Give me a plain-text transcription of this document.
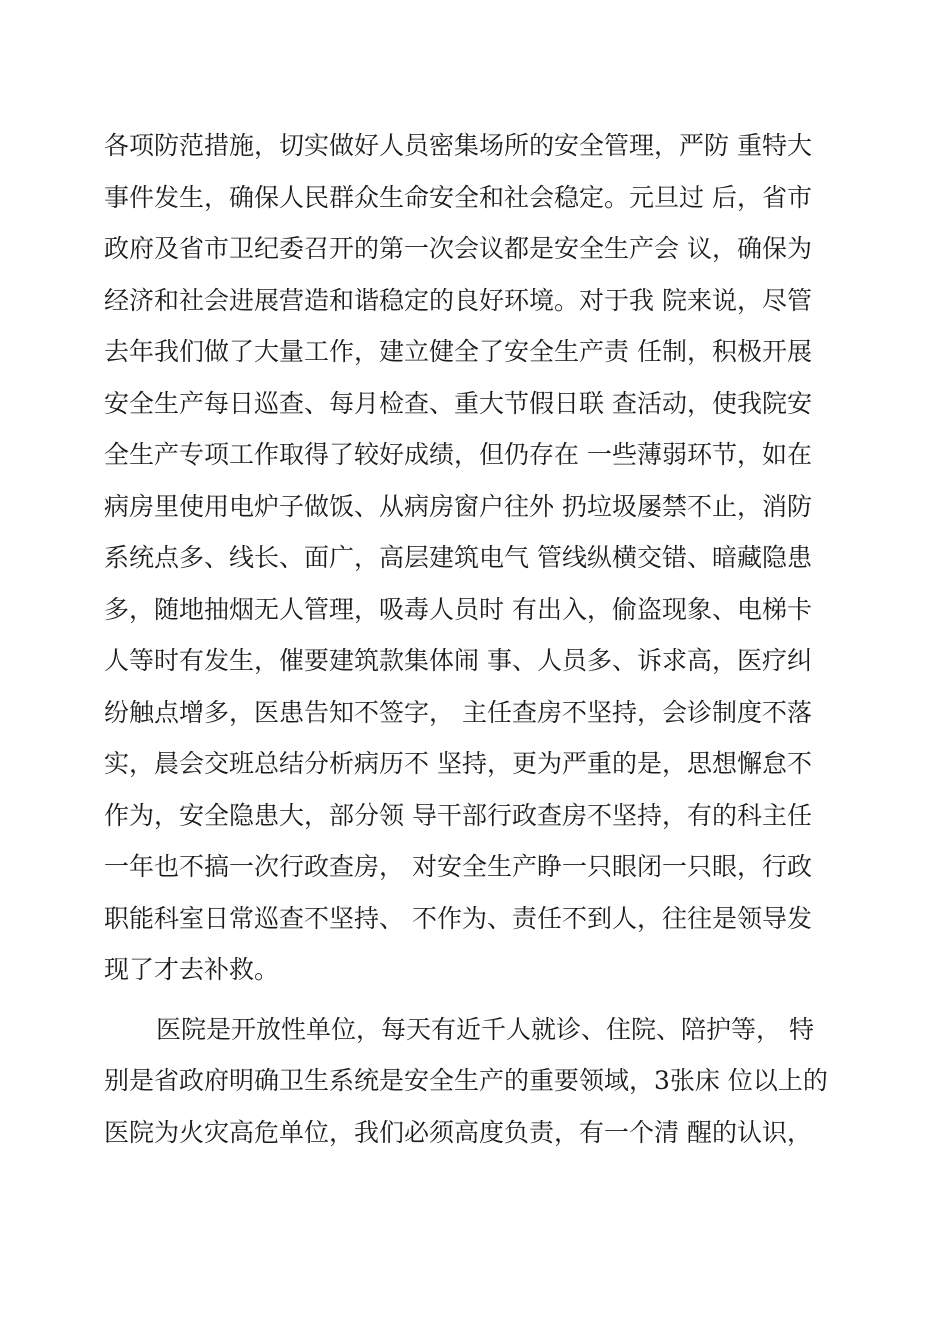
各项防范措施，切实做好人员密集场所的安全管理，严防 重特大
事件发生，确保人民群众生命安全和社会稳定。元旦过 后，省市
政府及省市卫纪委召开的第一次会议都是安全生产会 议，确保为
经济和社会进展营造和谐稳定的良好环境。对于我 院来说，尽管
去年我们做了大量工作，建立健全了安全生产责 任制，积极开展
安全生产每日巡查、每月检查、重大节假日联 查活动，使我院安
全生产专项工作取得了较好成绩，但仍存在 一些薄弱环节，如在
病房里使用电炉子做饭、从病房窗户往外 扔垃圾屡禁不止，消防
系统点多、线长、面广，高层建筑电气 管线纵横交错、暗藏隐患
多，随地抽烟无人管理，吸毒人员时 有出入，偷盗现象、电梯卡
人等时有发生，催要建筑款集体闹 事、人员多、诉求高，医疗纠
纷触点增多，医患告知不签字， 主任查房不坚持，会诊制度不落
实，晨会交班总结分析病历不 坚持，更为严重的是，思想懈怠不
作为，安全隐患大，部分领 导干部行政查房不坚持，有的科主任
一年也不搞一次行政查房， 对安全生产睁一只眼闭一只眼，行政
职能科室日常巡查不坚持、 不作为、责任不到人，往往是领导发
现了才去补救。
医院是开放性单位，每天有近千人就诊、住院、陪护等， 特
别是省政府明确卫生系统是安全生产的重要领域，3张床 位以上的
医院为火灾高危单位，我们必须高度负责，有一个清 醒的认识，
